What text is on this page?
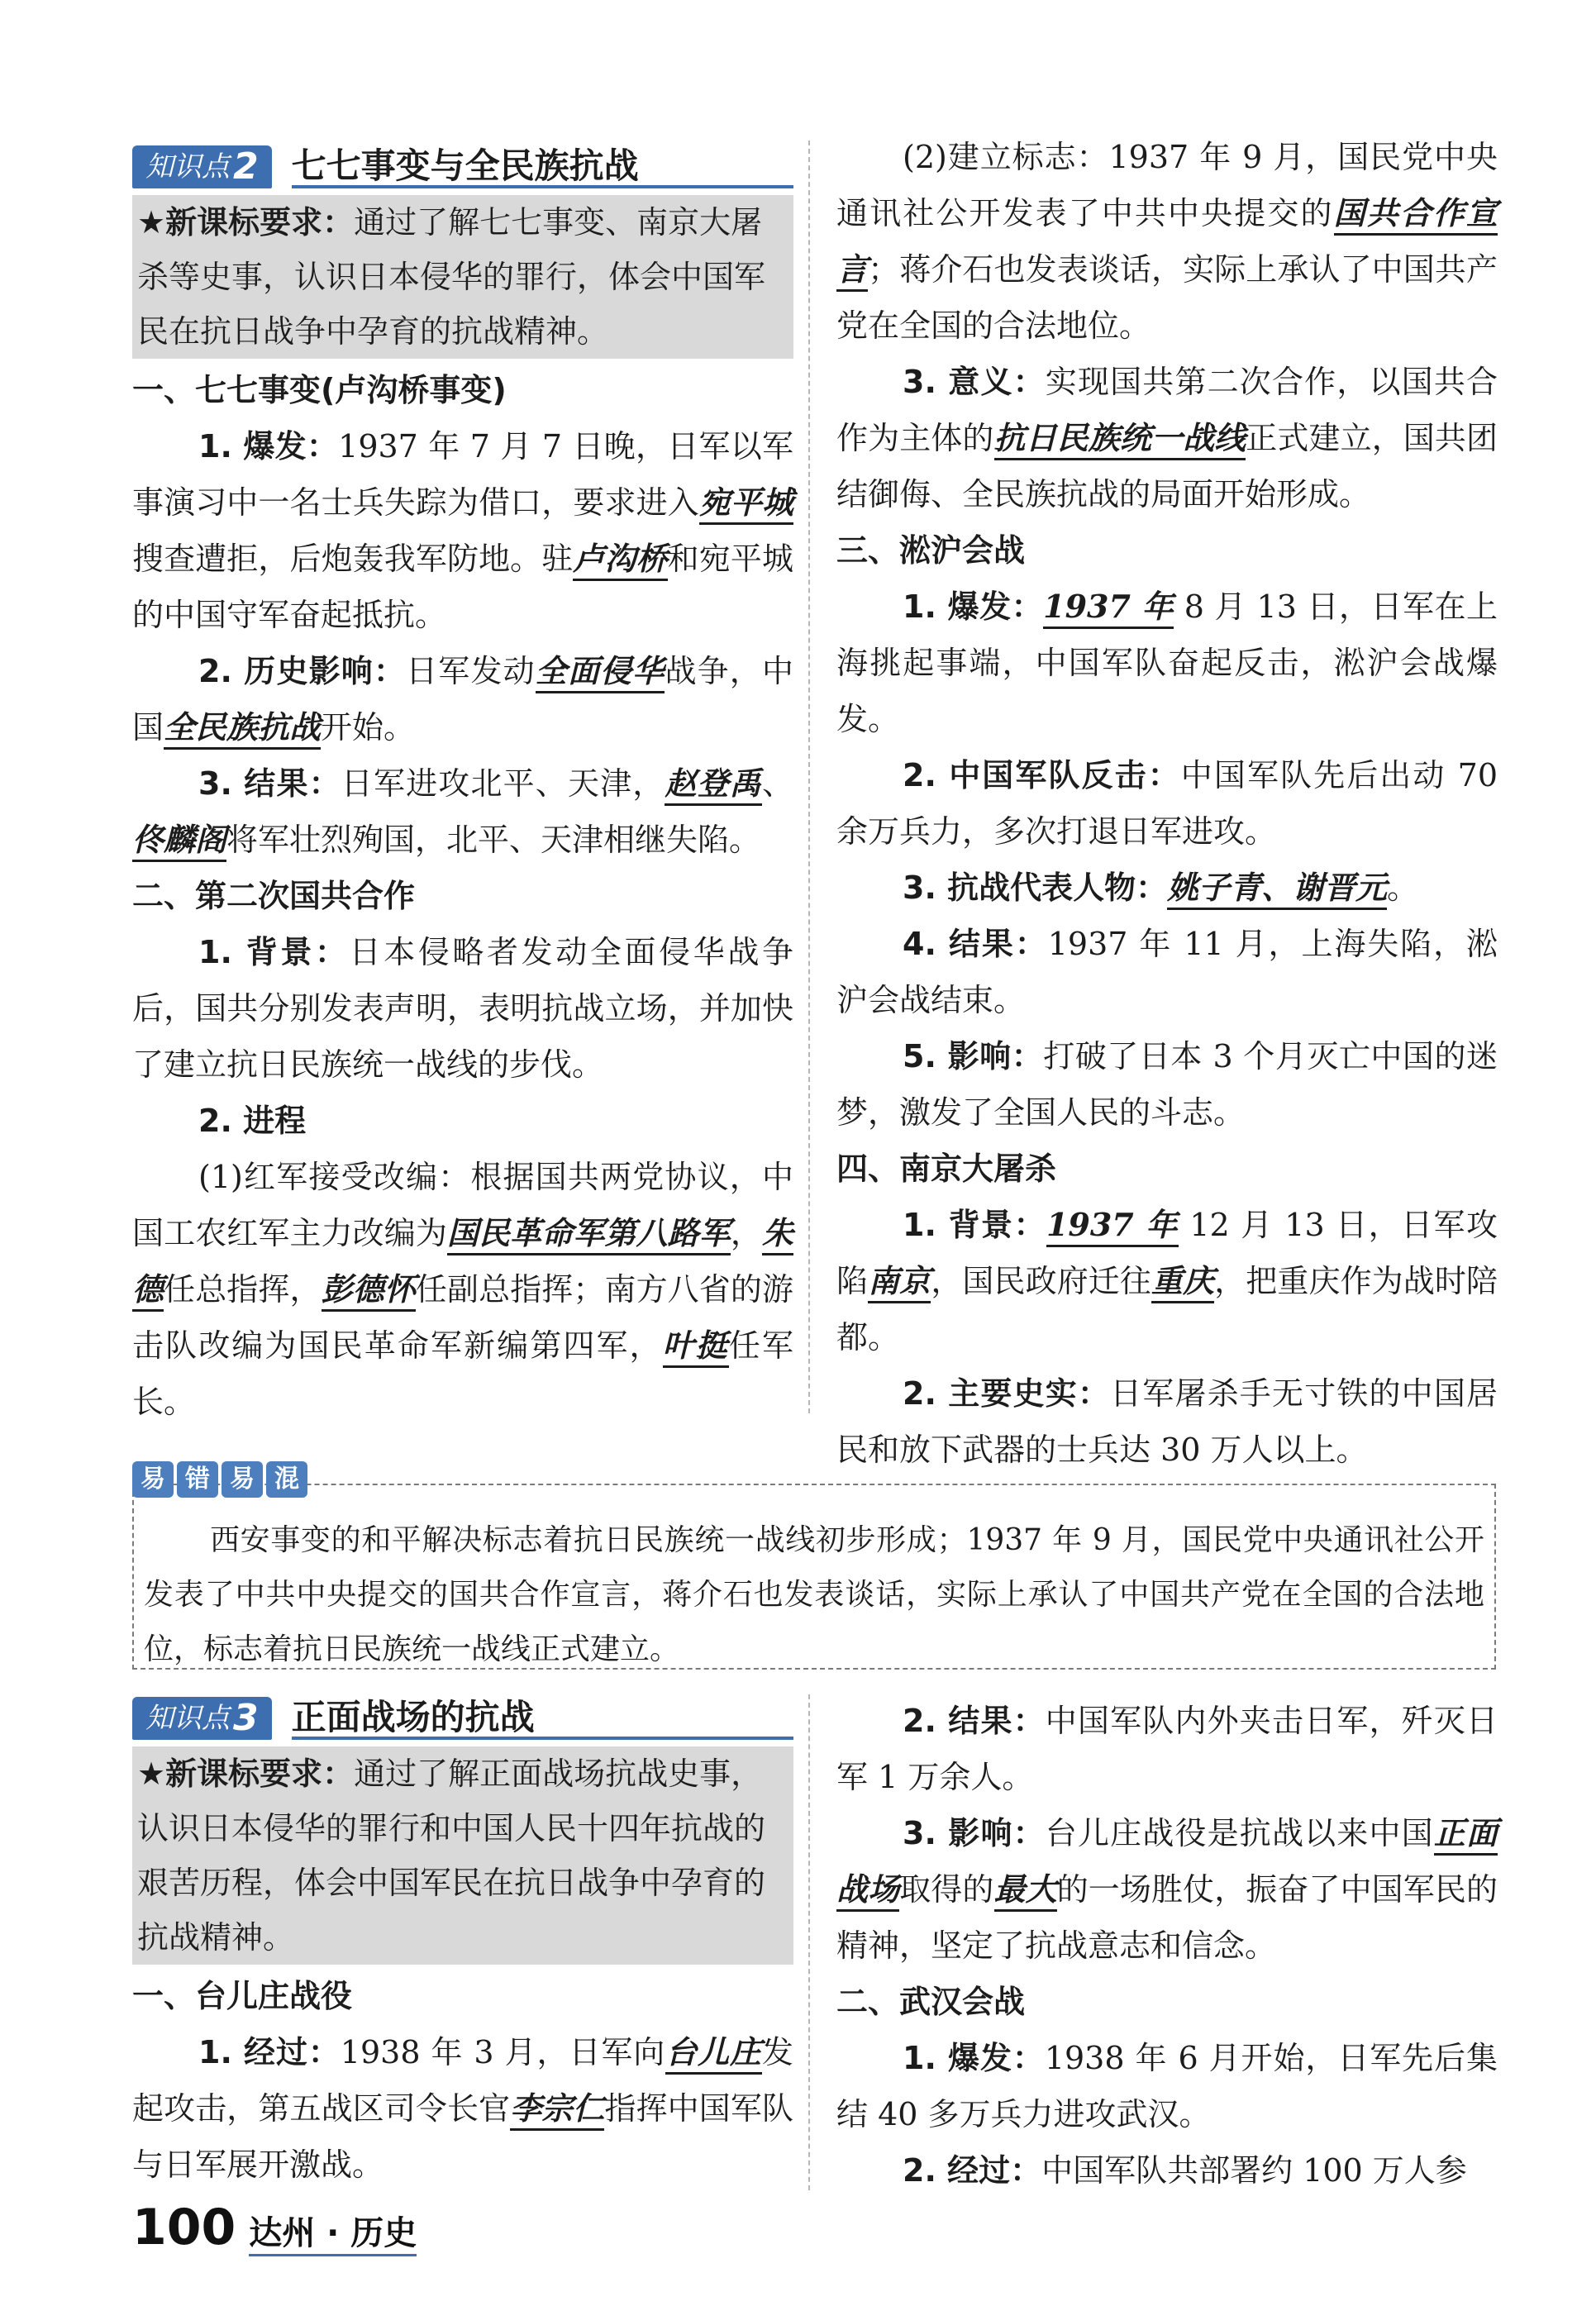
知识点 2 七七事变与全民族抗战
★新课标要求：通过了解七七事变、南京大屠杀等史事，认识日本侵华的罪行，体会中国军民在抗日战争中孕育的抗战精神。

一、七七事变(卢沟桥事变)

1. 爆发：1937 年 7 月 7 日晚，日军以军事演习中一名士兵失踪为借口，要求进入宛平城搜查遭拒，后炮轰我军防地。驻卢沟桥和宛平城的中国守军奋起抵抗。

2. 历史影响：日军发动全面侵华战争，中国全民族抗战开始。

3. 结果：日军进攻北平、天津，赵登禹、佟麟阁将军壮烈殉国，北平、天津相继失陷。

二、第二次国共合作

1. 背景：日本侵略者发动全面侵华战争后，国共分别发表声明，表明抗战立场，并加快了建立抗日民族统一战线的步伐。

2. 进程

(1)红军接受改编：根据国共两党协议，中国工农红军主力改编为国民革命军第八路军，朱德任总指挥，彭德怀任副总指挥；南方八省的游击队改编为国民革命军新编第四军，叶挺任军长。

(2)建立标志：1937 年 9 月，国民党中央通讯社公开发表了中共中央提交的国共合作宣言；蒋介石也发表谈话，实际上承认了中国共产党在全国的合法地位。

3. 意义：实现国共第二次合作，以国共合作为主体的抗日民族统一战线正式建立，国共团结御侮、全民族抗战的局面开始形成。

三、淞沪会战

1. 爆发：1937 年 8 月 13 日，日军在上海挑起事端，中国军队奋起反击，淞沪会战爆发。

2. 中国军队反击：中国军队先后出动 70 余万兵力，多次打退日军进攻。

3. 抗战代表人物：姚子青、谢晋元。

4. 结果：1937 年 11 月，上海失陷，淞沪会战结束。

5. 影响：打破了日本 3 个月灭亡中国的迷梦，激发了全国人民的斗志。

四、南京大屠杀

1. 背景：1937 年 12 月 13 日，日军攻陷南京，国民政府迁往重庆，把重庆作为战时陪都。

2. 主要史实：日军屠杀手无寸铁的中国居民和放下武器的士兵达 30 万人以上。

西安事变的和平解决标志着抗日民族统一战线初步形成；1937 年 9 月，国民党中央通讯社公开发表了中共中央提交的国共合作宣言，蒋介石也发表谈话，实际上承认了中国共产党在全国的合法地位，标志着抗日民族统一战线正式建立。

易 错 易 混
知识点 3 正面战场的抗战
★新课标要求：通过了解正面战场抗战史事，认识日本侵华的罪行和中国人民十四年抗战的艰苦历程，体会中国军民在抗日战争中孕育的抗战精神。

一、台儿庄战役

1. 经过：1938 年 3 月，日军向台儿庄发起攻击，第五战区司令长官李宗仁指挥中国军队与日军展开激战。

2. 结果：中国军队内外夹击日军，歼灭日军 1 万余人。

3. 影响：台儿庄战役是抗战以来中国正面战场取得的最大的一场胜仗，振奋了中国军民的精神，坚定了抗战意志和信念。

二、武汉会战

1. 爆发：1938 年 6 月开始，日军先后集结 40 多万兵力进攻武汉。

2. 经过：中国军队共部署约 100 万人参

100 达州 · 历史
